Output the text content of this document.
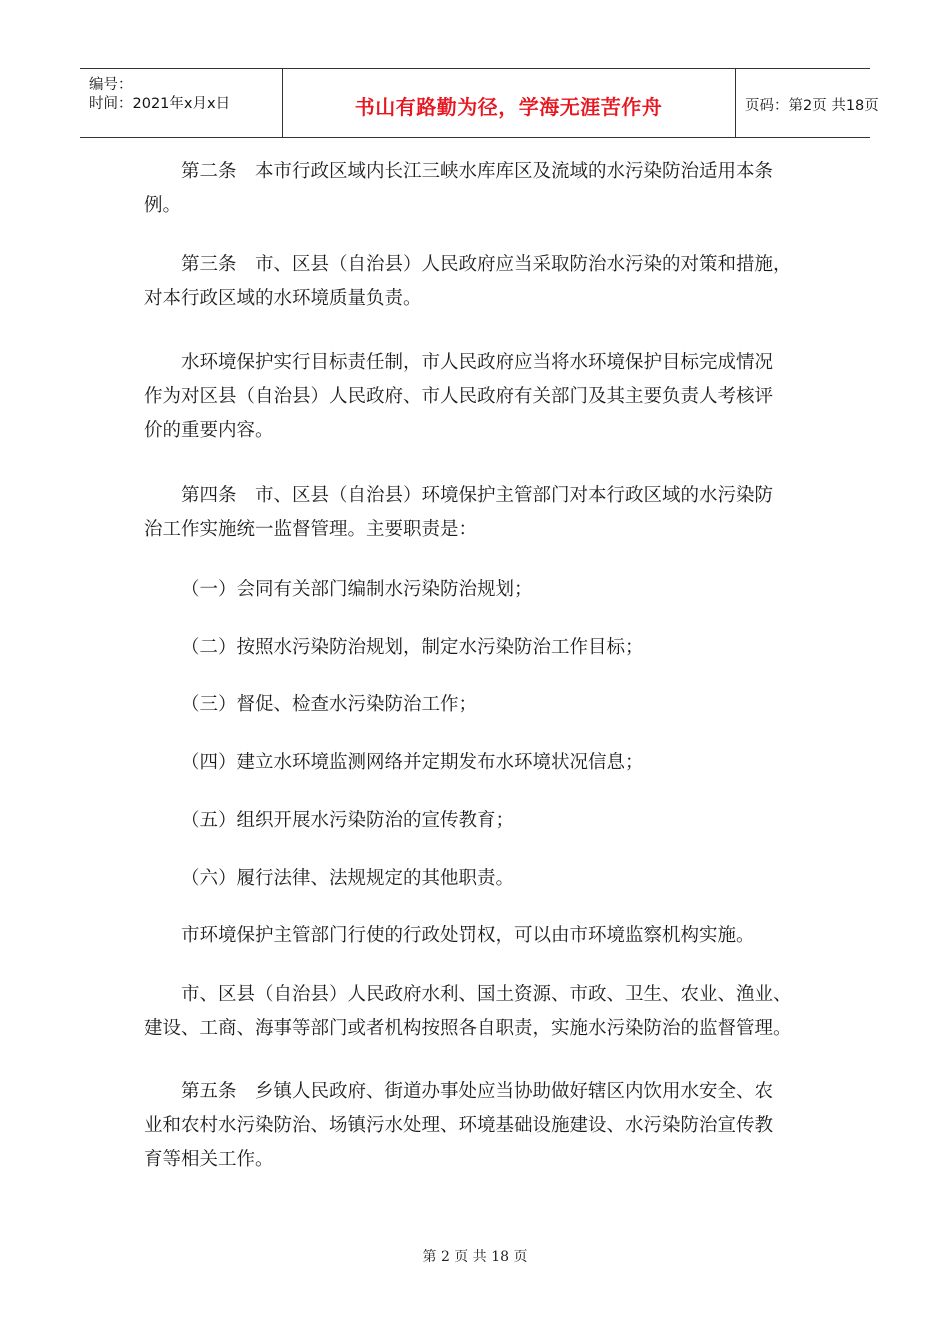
编号：
时间：2021年x月x日	书山有路勤为径，学海无涯苦作舟	页码：第2页 共18页
第二条　本市行政区域内长江三峡水库库区及流域的水污染防治适用本条
例。
第三条　市、区县（自治县）人民政府应当采取防治水污染的对策和措施，
对本行政区域的水环境质量负责。
水环境保护实行目标责任制，市人民政府应当将水环境保护目标完成情况
作为对区县（自治县）人民政府、市人民政府有关部门及其主要负责人考核评
价的重要内容。
第四条　市、区县（自治县）环境保护主管部门对本行政区域的水污染防
治工作实施统一监督管理。主要职责是：
（一）会同有关部门编制水污染防治规划；
（二）按照水污染防治规划，制定水污染防治工作目标；
（三）督促、检查水污染防治工作；
（四）建立水环境监测网络并定期发布水环境状况信息；
（五）组织开展水污染防治的宣传教育；
（六）履行法律、法规规定的其他职责。
市环境保护主管部门行使的行政处罚权，可以由市环境监察机构实施。
市、区县（自治县）人民政府水利、国土资源、市政、卫生、农业、渔业、
建设、工商、海事等部门或者机构按照各自职责，实施水污染防治的监督管理。
第五条　乡镇人民政府、街道办事处应当协助做好辖区内饮用水安全、农
业和农村水污染防治、场镇污水处理、环境基础设施建设、水污染防治宣传教
育等相关工作。
第 2 页 共 18 页
